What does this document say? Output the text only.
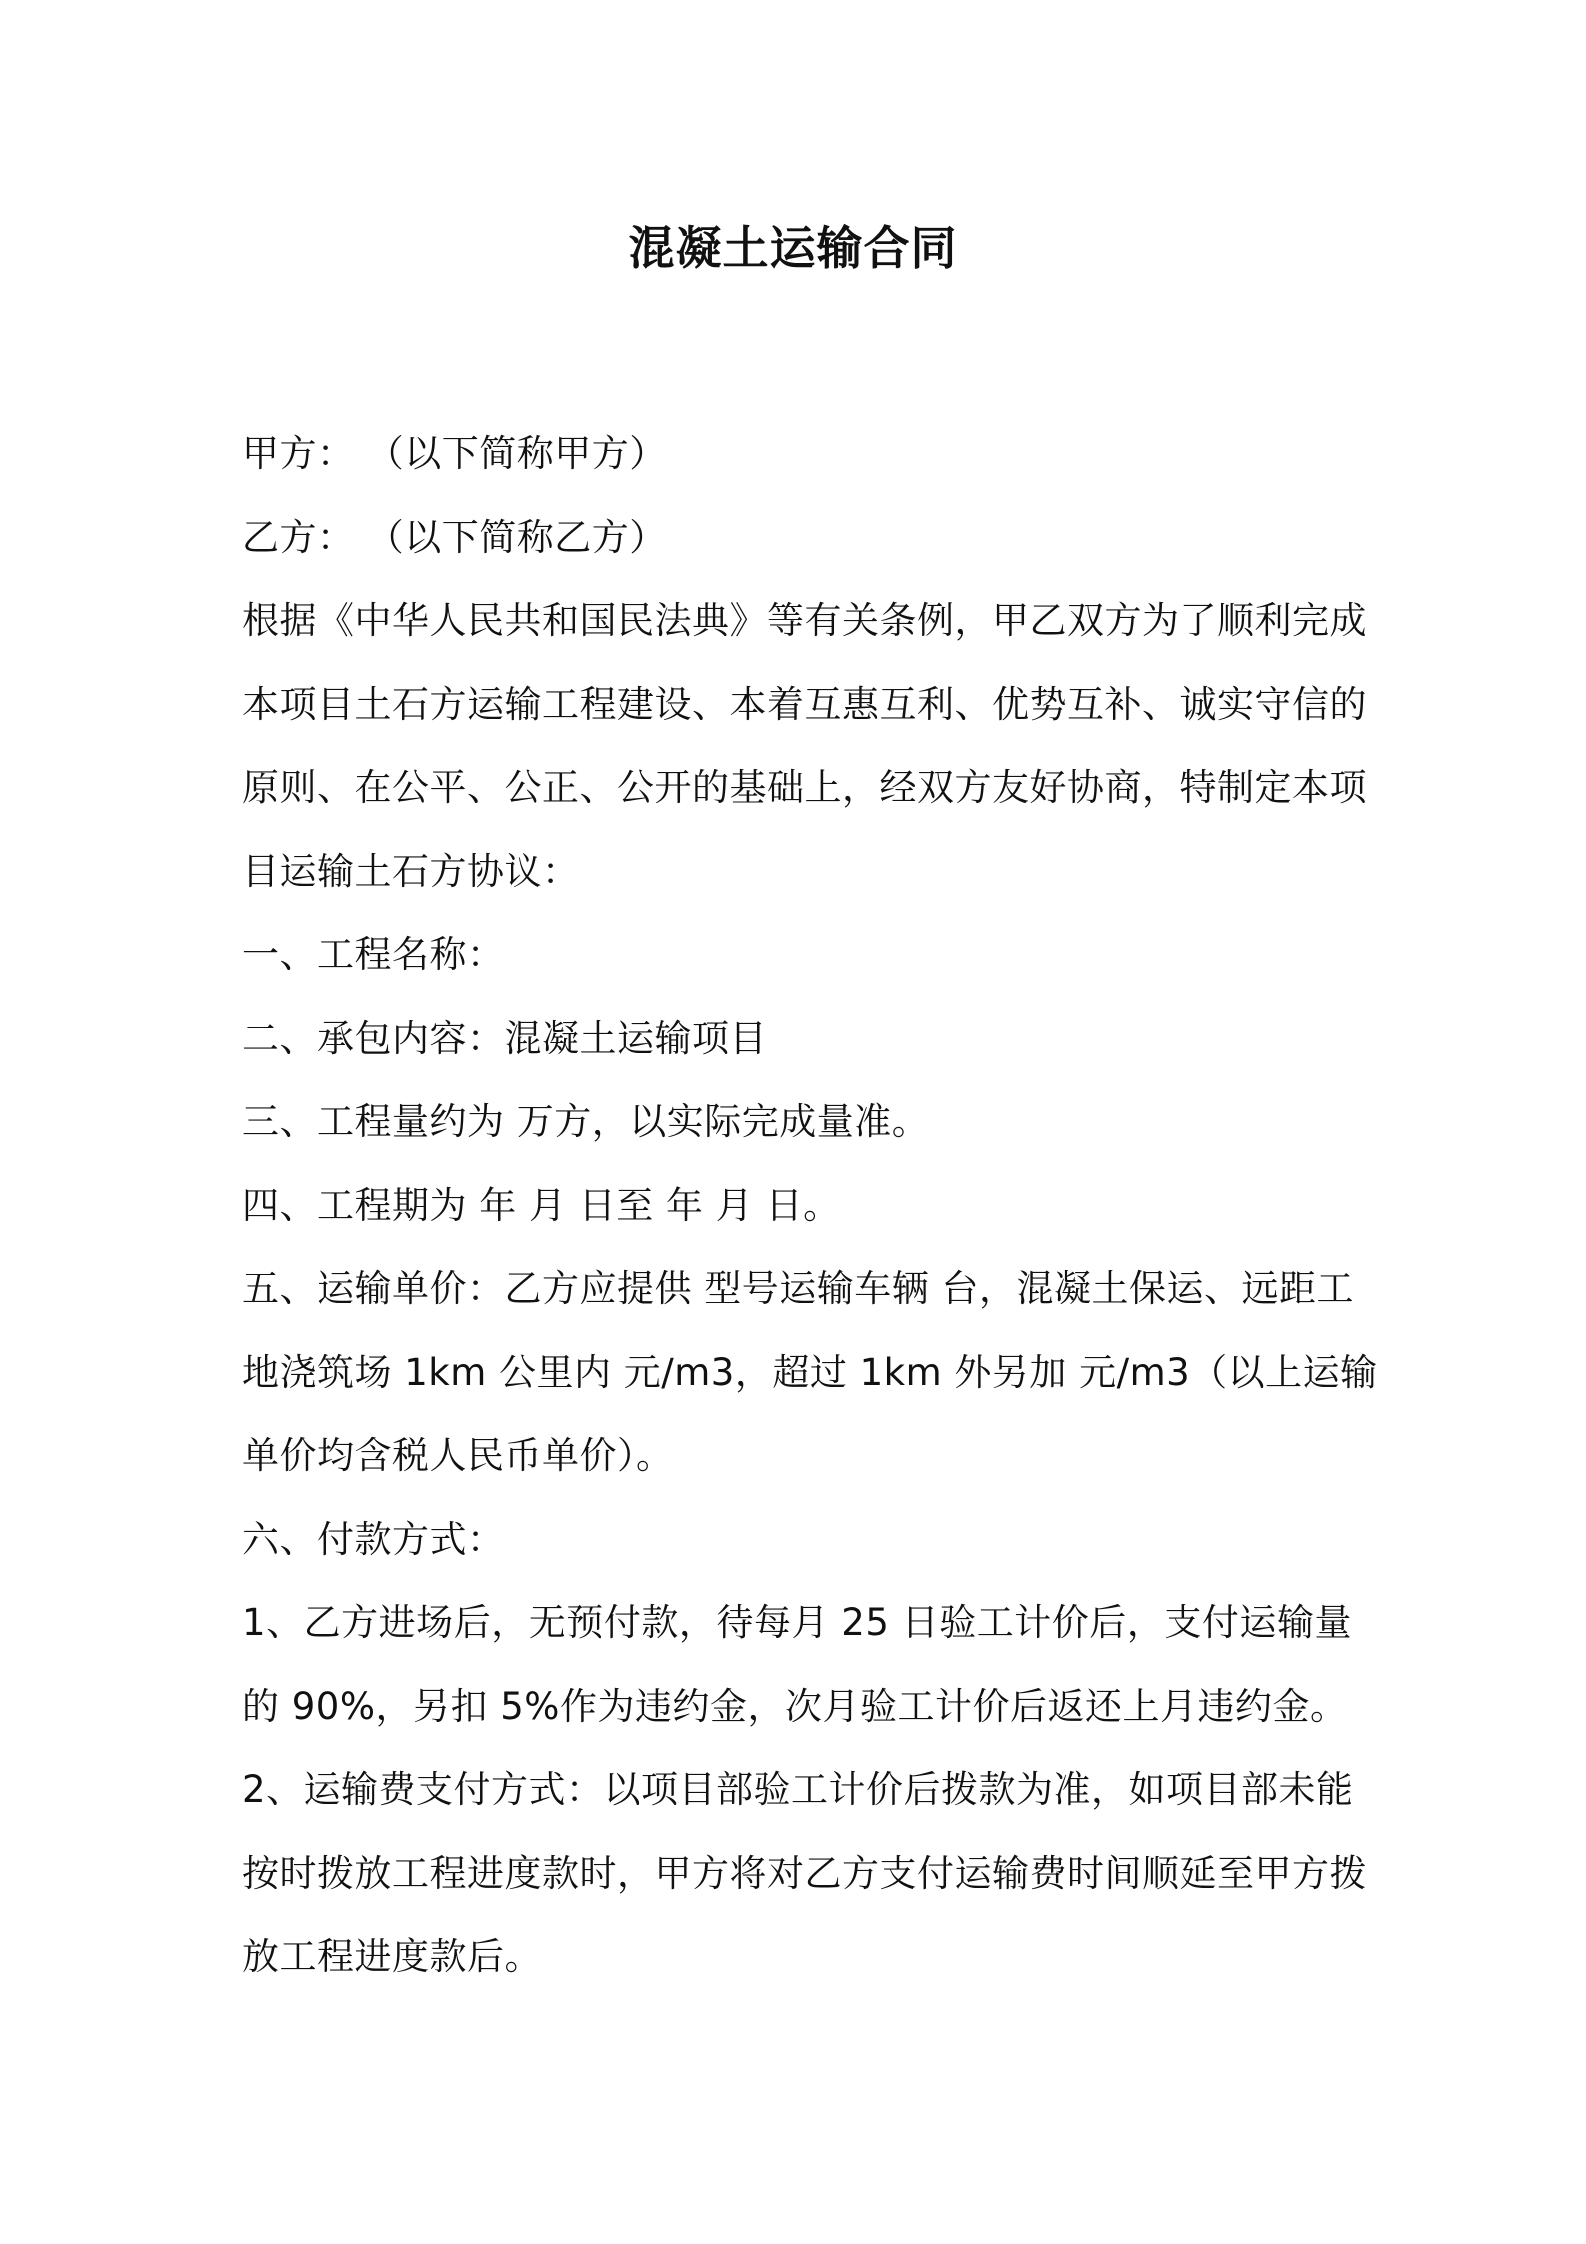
混凝土运输合同

甲方： （以下简称甲方）

乙方： （以下简称乙方）

根据《中华人民共和国民法典》等有关条例，甲乙双方为了顺利完成

本项目土石方运输工程建设、本着互惠互利、优势互补、诚实守信的

原则、在公平、公正、公开的基础上，经双方友好协商，特制定本项

目运输土石方协议：

一、工程名称：

二、承包内容：混凝土运输项目

三、工程量约为 万方，以实际完成量准。

四、工程期为 年 月 日至 年 月 日。

五、运输单价：乙方应提供 型号运输车辆 台，混凝土保运、远距工

地浇筑场 1km 公里内 元/m3，超过 1km 外另加 元/m3（以上运输

单价均含税人民币单价）。

六、付款方式：

1、乙方进场后，无预付款，待每月 25 日验工计价后，支付运输量

的 90%，另扣 5%作为违约金，次月验工计价后返还上月违约金。

2、运输费支付方式：以项目部验工计价后拨款为准，如项目部未能

按时拨放工程进度款时，甲方将对乙方支付运输费时间顺延至甲方拨

放工程进度款后。
